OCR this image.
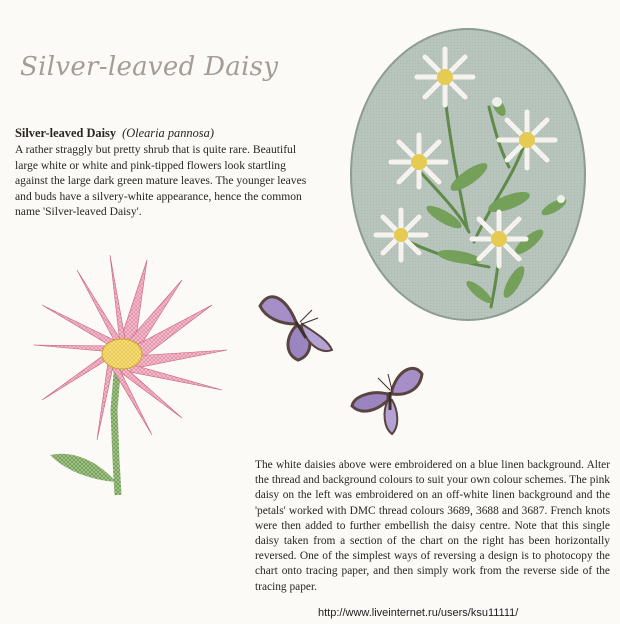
Silver-leaved Daisy
Silver-leaved Daisy (Olearia pannosa)

A rather straggly but pretty shrub that is quite rare. Beautiful large white or white and pink-tipped flowers look startling against the large dark green mature leaves. The younger leaves and buds have a silvery-white appearance, hence the common name 'Silver-leaved Daisy'.

The white daisies above were embroidered on a blue linen background. Alter the thread and background colours to suit your own colour schemes. The pink daisy on the left was embroidered on an off-white linen background and the 'petals' worked with DMC thread colours 3689, 3688 and 3687. French knots were then added to further embellish the daisy centre. Note that this single daisy taken from a section of the chart on the right has been horizontally reversed. One of the simplest ways of reversing a design is to photocopy the chart onto tracing paper, and then simply work from the reverse side of the tracing paper.

http://www.liveinternet.ru/users/ksu11111/
